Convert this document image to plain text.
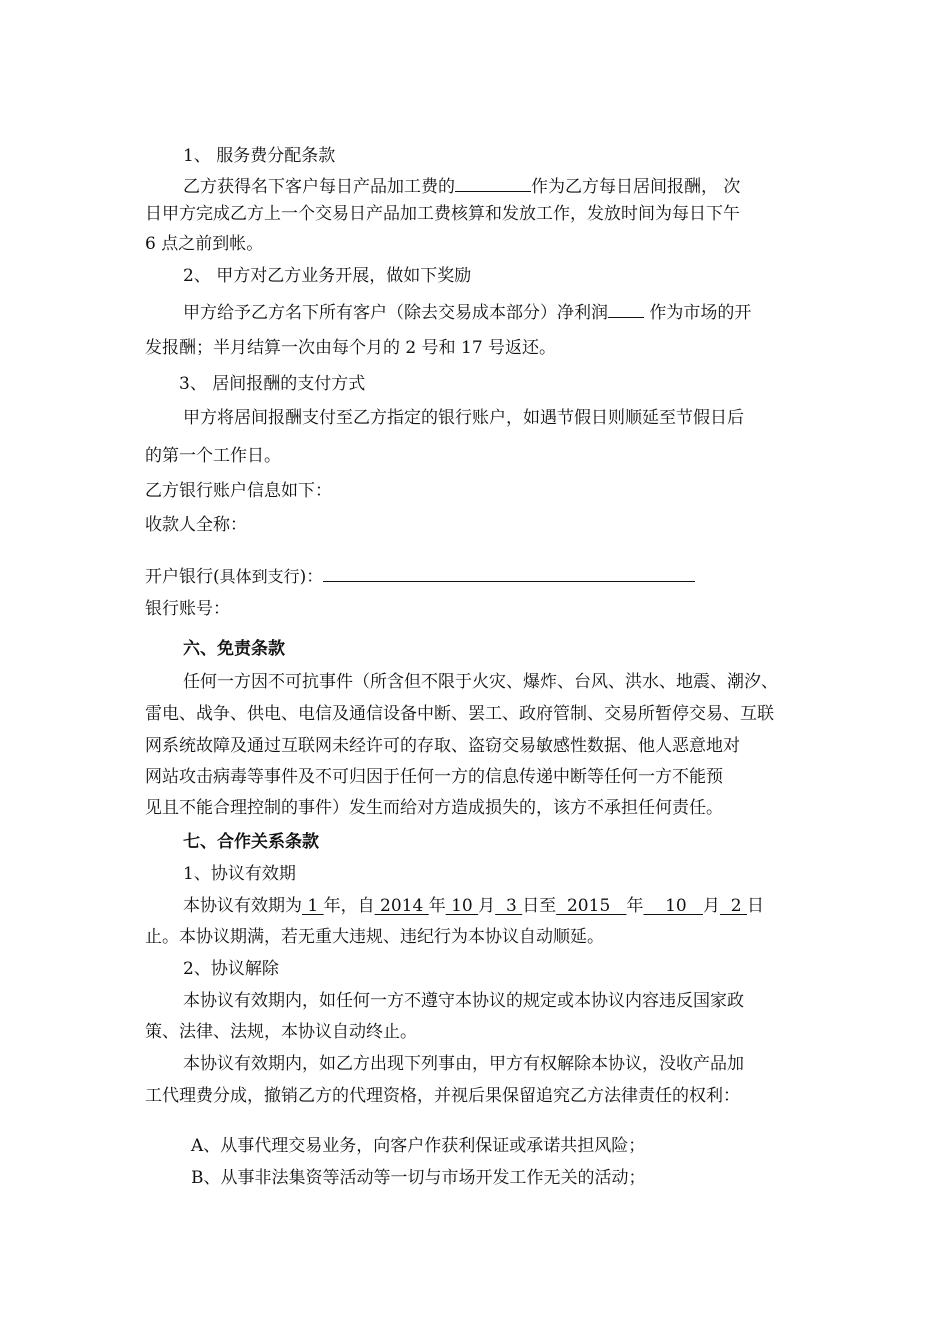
1、 服务费分配条款
乙方获得名下客户每日产品加工费的	作为乙方每日居间报酬， 次
日甲方完成乙方上一个交易日产品加工费核算和发放工作，发放时间为每日下午
6 点之前到帐。
2、 甲方对乙方业务开展，做如下奖励
甲方给予乙方名下所有客户（除去交易成本部分）净利润 作为市场的开
发报酬；半月结算一次由每个月的 2 号和 17 号返还。
3、 居间报酬的支付方式
甲方将居间报酬支付至乙方指定的银行账户，如遇节假日则顺延至节假日后
的第一个工作日。
乙方银行账户信息如下：
收款人全称：
开户银行(具体到支行)：
银行账号：
六、免责条款
任何一方因不可抗事件（所含但不限于火灾、爆炸、台风、洪水、地震、潮汐、
雷电、战争、供电、电信及通信设备中断、罢工、政府管制、交易所暂停交易、互联
网系统故障及通过互联网未经许可的存取、盗窃交易敏感性数据、他人恶意地对
网站攻击病毒等事件及不可归因于任何一方的信息传递中断等任何一方不能预
见且不能合理控制的事件）发生而给对方造成损失的，该方不承担任何责任。
七、合作关系条款
1、协议有效期
本协议有效期为 1 年，自 2014 年 10 月  3 日至  2015   年    10   月  2 日
止。本协议期满，若无重大违规、违纪行为本协议自动顺延。
2、协议解除
本协议有效期内，如任何一方不遵守本协议的规定或本协议内容违反国家政
策、法律、法规，本协议自动终止。
本协议有效期内，如乙方出现下列事由，甲方有权解除本协议，没收产品加
工代理费分成，撤销乙方的代理资格，并视后果保留追究乙方法律责任的权利：
A、从事代理交易业务，向客户作获利保证或承诺共担风险；
B、从事非法集资等活动等一切与市场开发工作无关的活动；
